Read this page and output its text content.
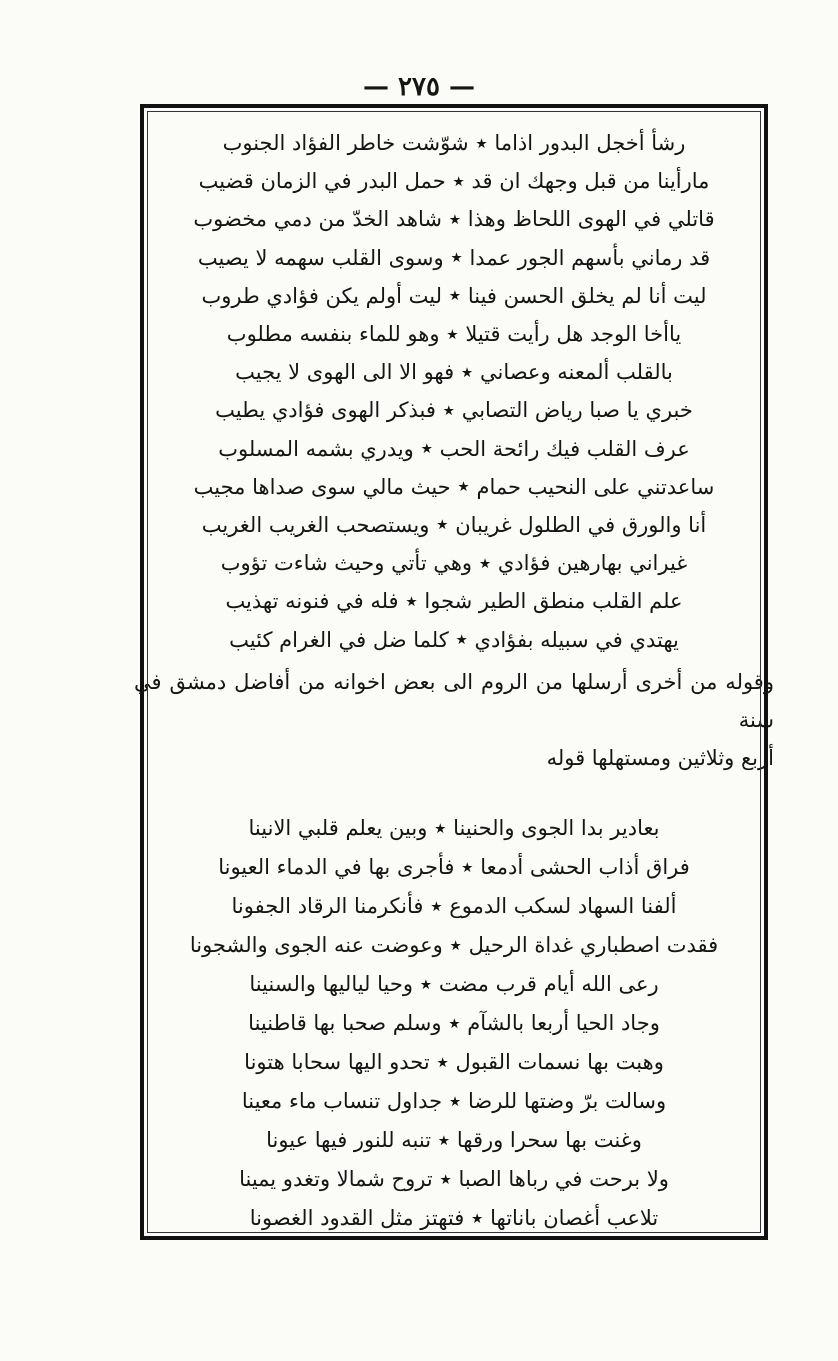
— ٢٧٥ —
رشأ أخجل البدور اذاما
٭
شوّشت خاطر الفؤاد الجنوب
مارأينا من قبل وجهك ان قد
٭
حمل البدر في الزمان قضيب
قاتلي في الهوى اللحاظ وهذا
٭
شاهد الخدّ من دمي مخضوب
قد رماني بأسهم الجور عمدا
٭
وسوى القلب سهمه لا يصيب
ليت أنا لم يخلق الحسن فينا
٭
ليت أولم يكن فؤادي طروب
ياأخا الوجد هل رأيت قتيلا
٭
وهو للماء بنفسه مطلوب
بالقلب ألمعنه وعصاني
٭
فهو الا الى الهوى لا يجيب
خبري يا صبا رياض التصابي
٭
فبذكر الهوى فؤادي يطيب
عرف القلب فيك رائحة الحب
٭
ويدري بشمه المسلوب
ساعدتني على النحيب حمام
٭
حيث مالي سوى صداها مجيب
أنا والورق في الطلول غريبان
٭
ويستصحب الغريب الغريب
غيراني بهارهين فؤادي
٭
وهي تأتي وحيث شاءت تؤوب
علم القلب منطق الطير شجوا
٭
فله في فنونه تهذيب
يهتدي في سبيله بفؤادي
٭
كلما ضل في الغرام كئيب
وقوله من أخرى أرسلها من الروم الى بعض اخوانه من أفاضل دمشق في سنة
أربع وثلاثين ومستهلها قوله
بعادير بدا الجوى والحنينا
٭
وبين يعلم قلبي الانينا
فراق أذاب الحشى أدمعا
٭
فأجرى بها في الدماء العيونا
ألفنا السهاد لسكب الدموع
٭
فأنكرمنا الرقاد الجفونا
فقدت اصطباري غداة الرحيل
٭
وعوضت عنه الجوى والشجونا
رعى الله أيام قرب مضت
٭
وحيا لياليها والسنينا
وجاد الحيا أربعا بالشآم
٭
وسلم صحبا بها قاطنينا
وهبت بها نسمات القبول
٭
تحدو اليها سحابا هتونا
وسالت برّ وضتها للرضا
٭
جداول تنساب ماء معينا
وغنت بها سحرا ورقها
٭
تنبه للنور فيها عيونا
ولا برحت في رباها الصبا
٭
تروح شمالا وتغدو يمينا
تلاعب أغصان باناتها
٭
فتهتز مثل القدود الغصونا
